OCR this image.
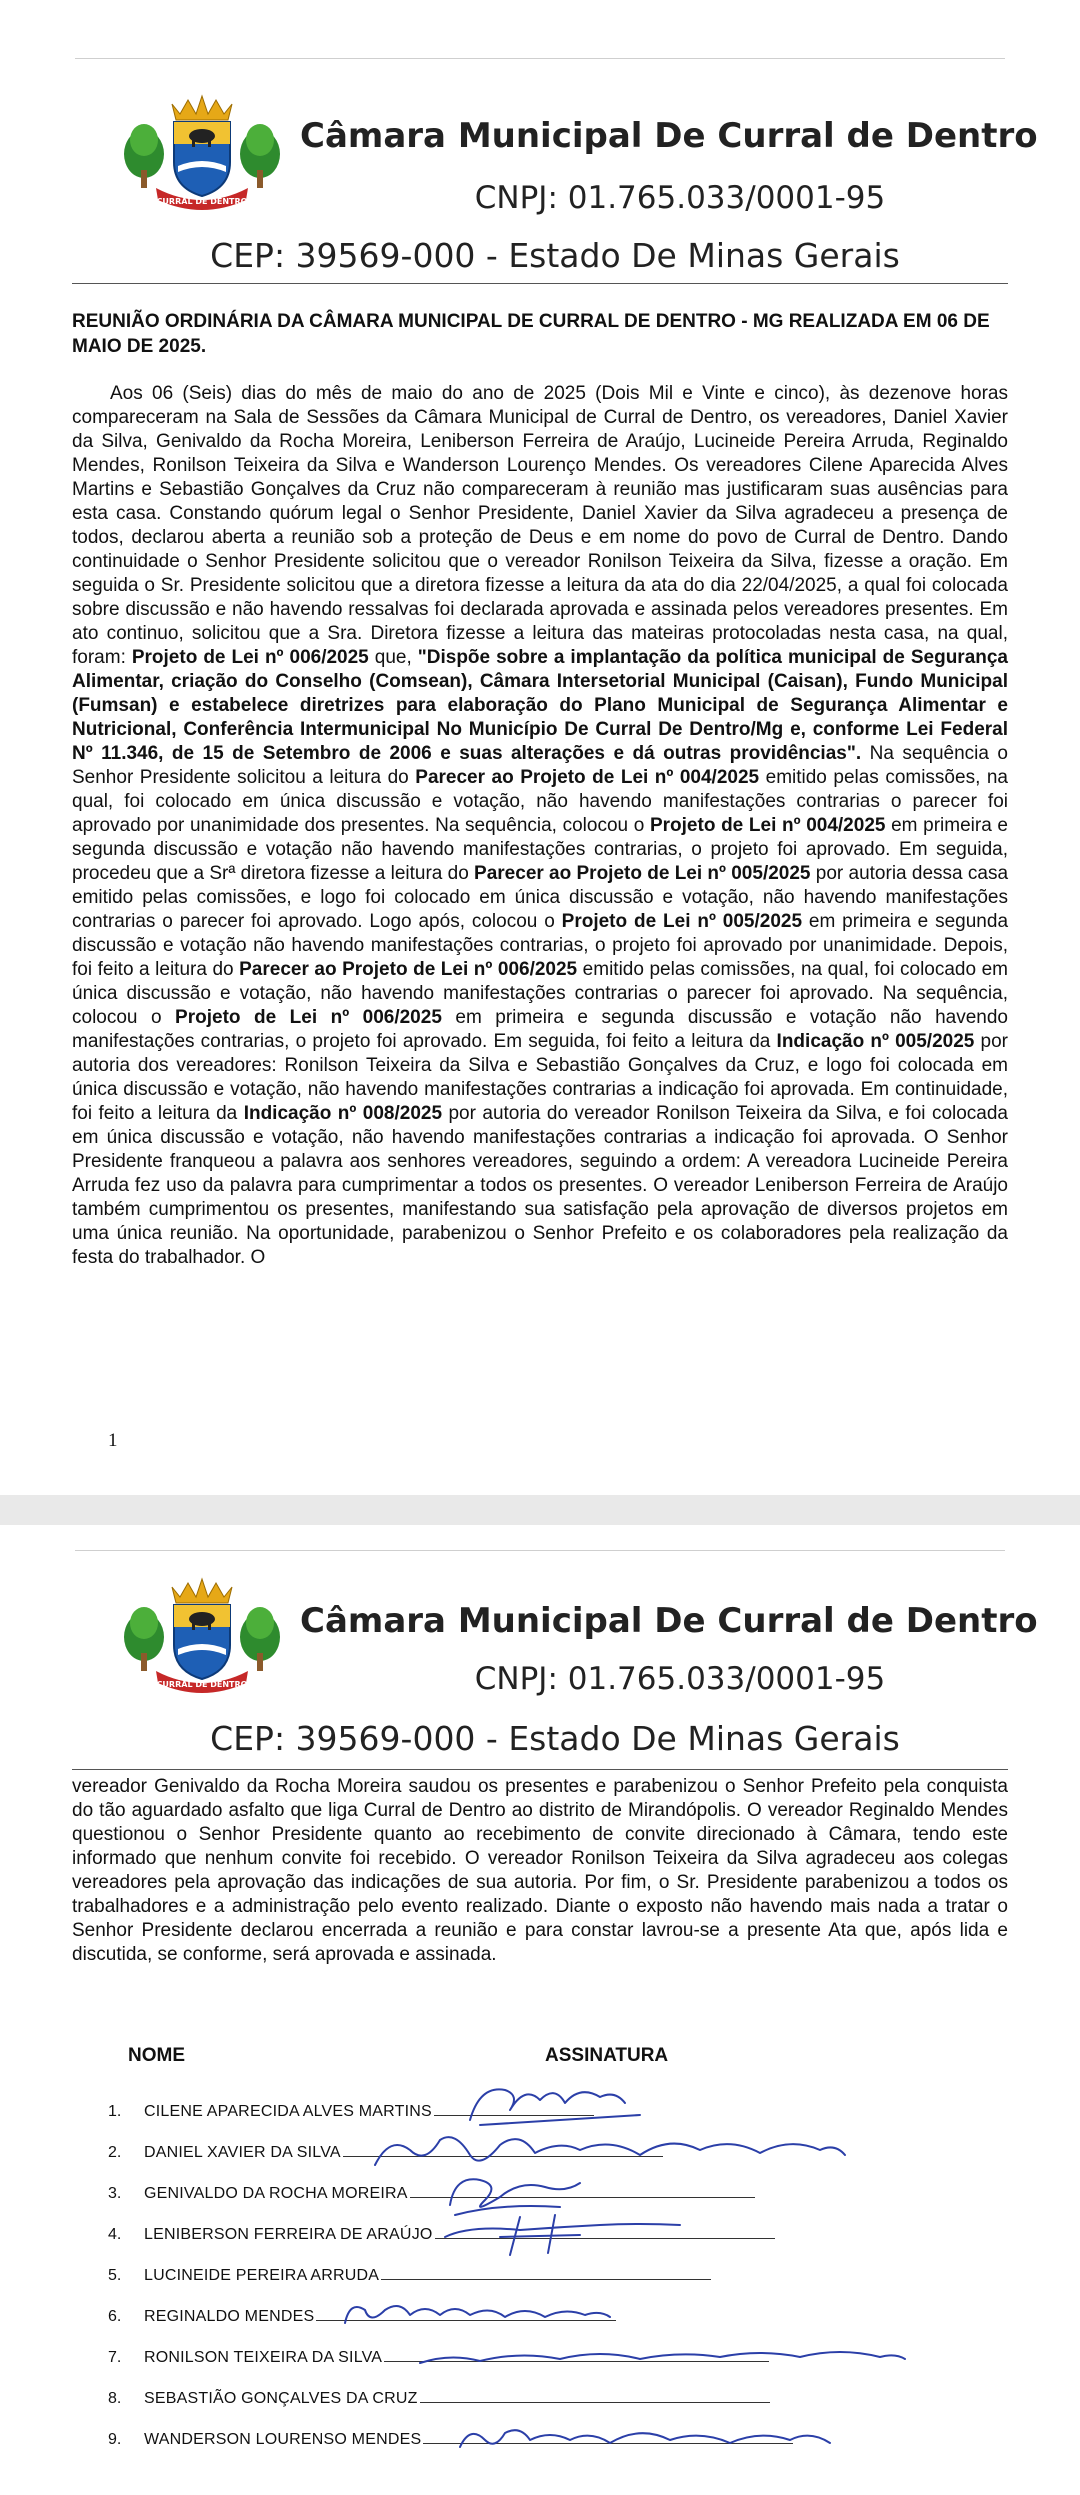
CURRAL DE DENTRO
Câmara Municipal De Curral de Dentro
CNPJ: 01.765.033/0001-95
CEP: 39569-000 - Estado De Minas Gerais

REUNIÃO ORDINÁRIA DA CÂMARA MUNICIPAL DE CURRAL DE DENTRO - MG REALIZADA EM 06 DE MAIO DE 2025.

Aos 06 (Seis) dias do mês de maio do ano de 2025 (Dois Mil e Vinte e cinco), às dezenove horas compareceram na Sala de Sessões da Câmara Municipal de Curral de Dentro, os vereadores, Daniel Xavier da Silva, Genivaldo da Rocha Moreira, Leniberson Ferreira de Araújo, Lucineide Pereira Arruda, Reginaldo Mendes, Ronilson Teixeira da Silva e Wanderson Lourenço Mendes. Os vereadores Cilene Aparecida Alves Martins e Sebastião Gonçalves da Cruz não compareceram à reunião mas justificaram suas ausências para esta casa. Constando quórum legal o Senhor Presidente, Daniel Xavier da Silva agradeceu a presença de todos, declarou aberta a reunião sob a proteção de Deus e em nome do povo de Curral de Dentro. Dando continuidade o Senhor Presidente solicitou que o vereador Ronilson Teixeira da Silva, fizesse a oração. Em seguida o Sr. Presidente solicitou que a diretora fizesse a leitura da ata do dia 22/04/2025, a qual foi colocada sobre discussão e não havendo ressalvas foi declarada aprovada e assinada pelos vereadores presentes. Em ato continuo, solicitou que a Sra. Diretora fizesse a leitura das mateiras protocoladas nesta casa, na qual, foram: Projeto de Lei nº 006/2025 que, "Dispõe sobre a implantação da política municipal de Segurança Alimentar, criação do Conselho (Comsean), Câmara Intersetorial Municipal (Caisan), Fundo Municipal (Fumsan) e estabelece diretrizes para elaboração do Plano Municipal de Segurança Alimentar e Nutricional, Conferência Intermunicipal No Município De Curral De Dentro/Mg e, conforme Lei Federal Nº 11.346, de 15 de Setembro de 2006 e suas alterações e dá outras providências". Na sequência o Senhor Presidente solicitou a leitura do Parecer ao Projeto de Lei nº 004/2025 emitido pelas comissões, na qual, foi colocado em única discussão e votação, não havendo manifestações contrarias o parecer foi aprovado por unanimidade dos presentes. Na sequência, colocou o Projeto de Lei nº 004/2025 em primeira e segunda discussão e votação não havendo manifestações contrarias, o projeto foi aprovado. Em seguida, procedeu que a Srª diretora fizesse a leitura do Parecer ao Projeto de Lei nº 005/2025 por autoria dessa casa emitido pelas comissões, e logo foi colocado em única discussão e votação, não havendo manifestações contrarias o parecer foi aprovado. Logo após, colocou o Projeto de Lei nº 005/2025 em primeira e segunda discussão e votação não havendo manifestações contrarias, o projeto foi aprovado por unanimidade. Depois, foi feito a leitura do Parecer ao Projeto de Lei nº 006/2025 emitido pelas comissões, na qual, foi colocado em única discussão e votação, não havendo manifestações contrarias o parecer foi aprovado. Na sequência, colocou o Projeto de Lei nº 006/2025 em primeira e segunda discussão e votação não havendo manifestações contrarias, o projeto foi aprovado. Em seguida, foi feito a leitura da Indicação nº 005/2025 por autoria dos vereadores: Ronilson Teixeira da Silva e Sebastião Gonçalves da Cruz, e logo foi colocada em única discussão e votação, não havendo manifestações contrarias a indicação foi aprovada. Em continuidade, foi feito a leitura da Indicação nº 008/2025 por autoria do vereador Ronilson Teixeira da Silva, e foi colocada em única discussão e votação, não havendo manifestações contrarias a indicação foi aprovada. O Senhor Presidente franqueou a palavra aos senhores vereadores, seguindo a ordem: A vereadora Lucineide Pereira Arruda fez uso da palavra para cumprimentar a todos os presentes. O vereador Leniberson Ferreira de Araújo também cumprimentou os presentes, manifestando sua satisfação pela aprovação de diversos projetos em uma única reunião. Na oportunidade, parabenizou o Senhor Prefeito e os colaboradores pela realização da festa do trabalhador. O

1
CURRAL DE DENTRO
Câmara Municipal De Curral de Dentro
CNPJ: 01.765.033/0001-95
CEP: 39569-000 - Estado De Minas Gerais

vereador Genivaldo da Rocha Moreira saudou os presentes e parabenizou o Senhor Prefeito pela conquista do tão aguardado asfalto que liga Curral de Dentro ao distrito de Mirandópolis. O vereador Reginaldo Mendes questionou o Senhor Presidente quanto ao recebimento de convite direcionado à Câmara, tendo este informado que nenhum convite foi recebido. O vereador Ronilson Teixeira da Silva agradeceu aos colegas vereadores pela aprovação das indicações de sua autoria. Por fim, o Sr. Presidente parabenizou a todos os trabalhadores e a administração pelo evento realizado. Diante o exposto não havendo mais nada a tratar o Senhor Presidente declarou encerrada a reunião e para constar lavrou-se a presente Ata que, após lida e discutida, se conforme, será aprovada e assinada.

NOME	ASSINATURA
1.	CILENE APARECIDA ALVES MARTINS
2.	DANIEL XAVIER DA SILVA
3.	GENIVALDO DA ROCHA MOREIRA
4.	LENIBERSON FERREIRA DE ARAÚJO
5.	LUCINEIDE PEREIRA ARRUDA
6.	REGINALDO MENDES
7.	RONILSON TEIXEIRA DA SILVA
8.	SEBASTIÃO GONÇALVES DA CRUZ
9.	WANDERSON LOURENSO MENDES
